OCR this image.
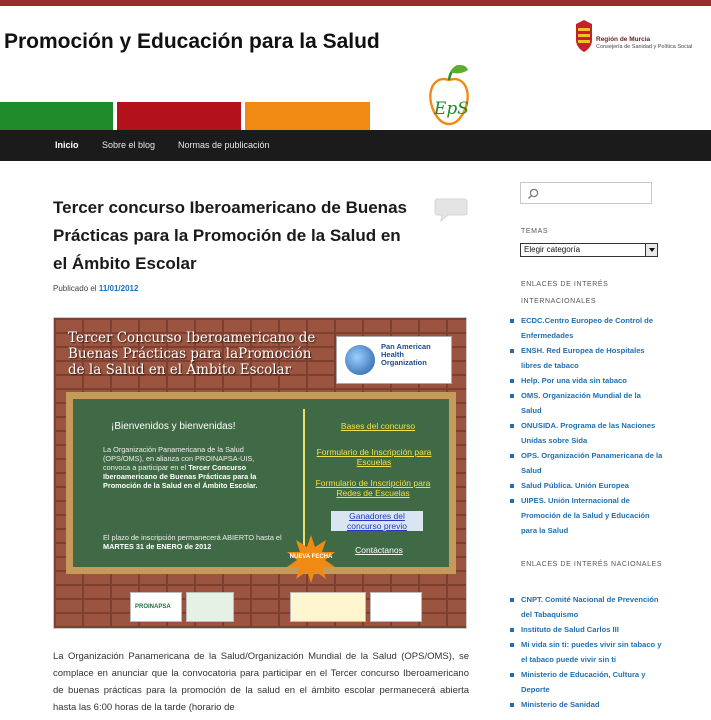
Promoción y Educación para la Salud
EpS
Región de Murcia
Consejería de Sanidad y Política Social
Inicio	Sobre el blog	Normas de publicación
Tercer concurso Iberoamericano de Buenas Prácticas para la Promoción de la Salud en el Ámbito Escolar
Publicado el 11/01/2012
Tercer Concurso Iberoamericano de
Buenas Prácticas para laPromoción
de la Salud en el Ámbito Escolar
Pan American
Health
Organization
¡Bienvenidos y bienvenidas!
La Organización Panamericana de la Salud (OPS/OMS), en alianza con PROINAPSA-UIS, convoca a participar en el Tercer Concurso Iberoamericano de Buenas Prácticas para la Promoción de la Salud en el Ámbito Escolar.
El plazo de inscripción permanecerá ABIERTO hasta el MARTES 31 de ENERO de 2012
Bases del concurso
Formulario de Inscripción para Escuelas
Formulario de Inscripción para Redes de Escuelas
Ganadores del concurso previo
Contáctanos
NUEVA FECHA
PROINAPSA

La Organización Panamericana de la Salud/Organización Mundial de la Salud (OPS/OMS), se complace en anunciar que la convocatoria para participar en el Tercer concurso Iberoamericano de buenas prácticas para la promoción de la salud en el ámbito escolar permanecerá abierta hasta las 6:00 horas de la tarde (horario de

TEMAS
Elegir categoría
ENLACES DE INTERÉS INTERNACIONALES
ECDC.Centro Europeo de Control de Enfermedades
ENSH. Red Europea de Hospitales libres de tabaco
Help. Por una vida sin tabaco
OMS. Organización Mundial de la Salud
ONUSIDA. Programa de las Naciones Unidas sobre Sida
OPS. Organización Panamericana de la Salud
Salud Pública. Unión Europea
UIPES. Unión Internacional de Promoción de la Salud y Educación para la Salud
ENLACES DE INTERÉS NACIONALES
CNPT. Comité Nacional de Prevención del Tabaquismo
Instituto de Salud Carlos III
Mi vida sin ti: puedes vivir sin tabaco y el tabaco puede vivir sin ti
Ministerio de Educación, Cultura y Deporte
Ministerio de Sanidad
